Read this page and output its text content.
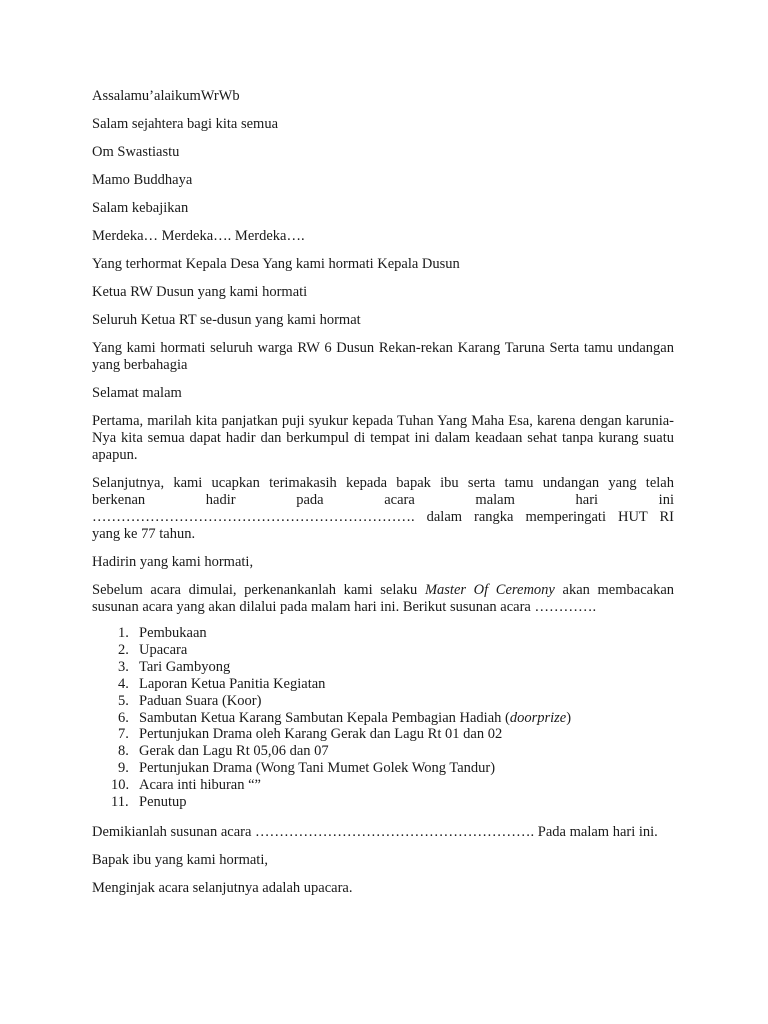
Assalamu’alaikumWrWb

Salam sejahtera bagi kita semua

Om Swastiastu

Mamo Buddhaya

Salam kebajikan

Merdeka… Merdeka…. Merdeka….

Yang terhormat Kepala Desa Yang kami hormati Kepala Dusun

Ketua RW Dusun yang kami hormati

Seluruh Ketua RT se-dusun yang kami hormat

Yang kami hormati seluruh warga RW 6 Dusun Rekan-rekan Karang Taruna Serta tamu undangan yang berbahagia

Selamat malam

Pertama, marilah kita panjatkan puji syukur kepada Tuhan Yang Maha Esa, karena dengan karunia-Nya kita semua dapat hadir dan berkumpul di tempat ini dalam keadaan sehat tanpa kurang suatu apapun.

Selanjutnya, kami ucapkan terimakasih kepada bapak ibu serta tamu undangan yang telah

berkenan hadir pada acara malam hari ini

…………………………………………………………. dalam rangka memperingati HUT RI

yang ke 77 tahun.

Hadirin yang kami hormati,

Sebelum acara dimulai, perkenankanlah kami selaku Master Of Ceremony akan membacakan susunan acara yang akan dilalui pada malam hari ini. Berikut susunan acara ………….

1. Pembukaan
2. Upacara
3. Tari Gambyong
4. Laporan Ketua Panitia Kegiatan
5. Paduan Suara (Koor)
6. Sambutan Ketua Karang Sambutan Kepala Pembagian Hadiah (doorprize)
7. Pertunjukan Drama oleh Karang Gerak dan Lagu Rt 01 dan 02
8. Gerak dan Lagu Rt 05,06 dan 07
9. Pertunjukan Drama (Wong Tani Mumet Golek Wong Tandur)
10. Acara inti hiburan “”
11. Penutup

Demikianlah susunan acara …………………………………………………. Pada malam hari ini.

Bapak ibu yang kami hormati,

Menginjak acara selanjutnya adalah upacara.
